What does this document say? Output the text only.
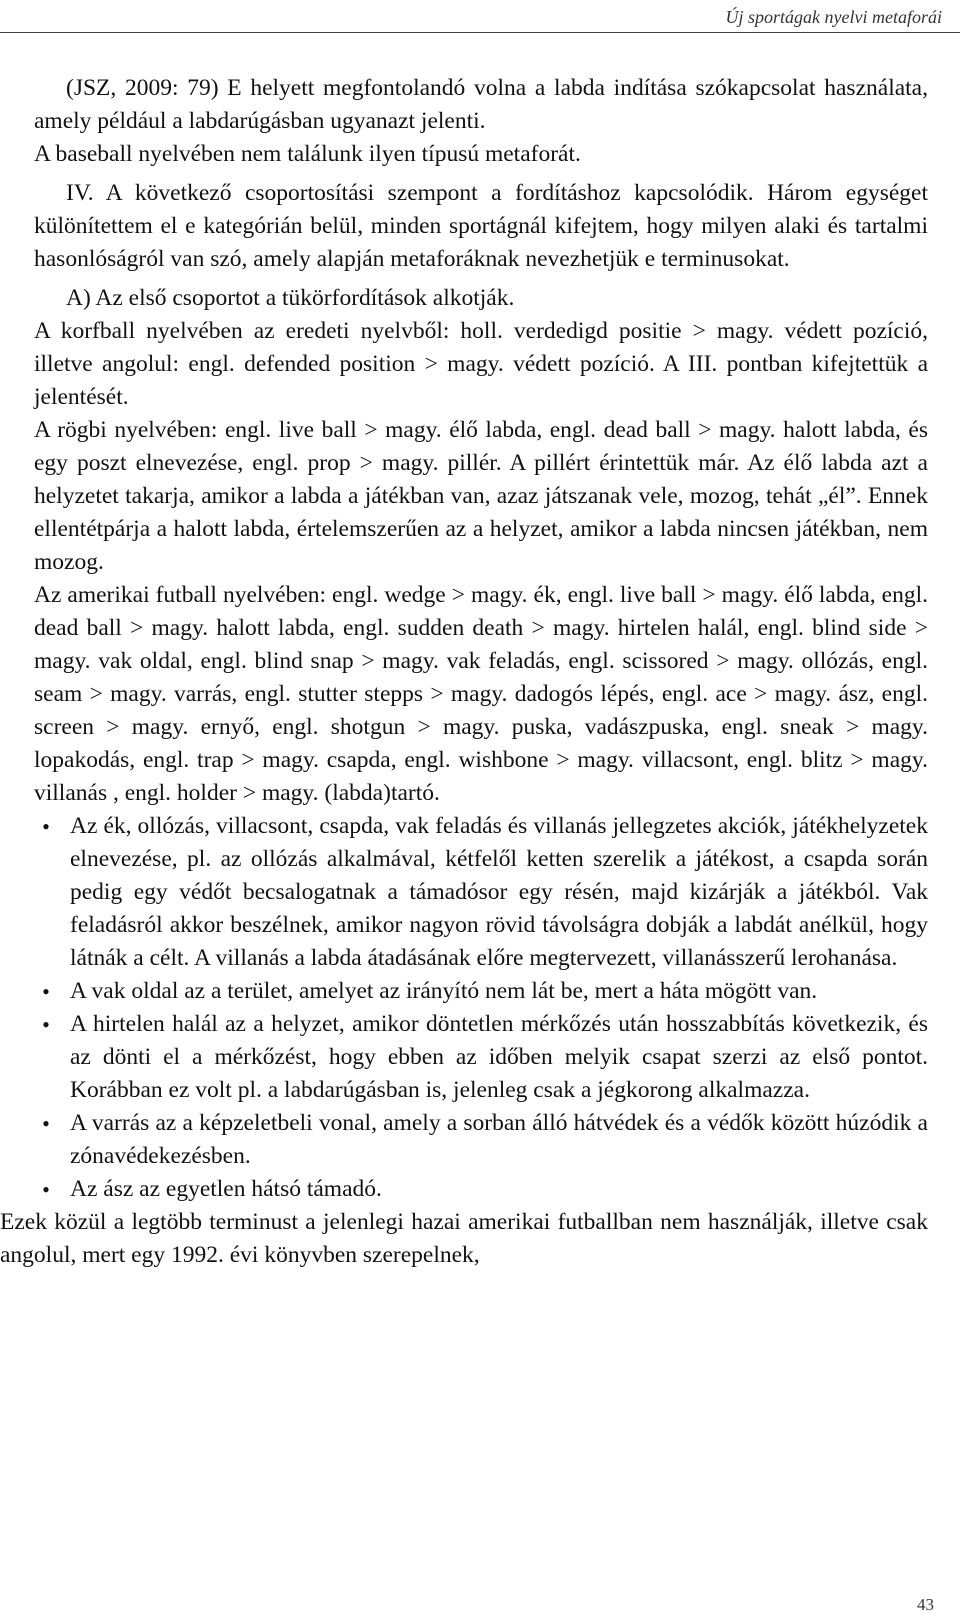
Új sportágak nyelvi metaforái

(JSZ, 2009: 79) E helyett megfontolandó volna a labda indítása szókapcsolat használata, amely például a labdarúgásban ugyanazt jelenti.

A baseball nyelvében nem találunk ilyen típusú metaforát.

IV. A következő csoportosítási szempont a fordításhoz kapcsolódik. Három egységet különítettem el e kategórián belül, minden sportágnál kifejtem, hogy milyen alaki és tartalmi hasonlóságról van szó, amely alapján metaforáknak nevezhetjük e terminusokat.

A) Az első csoportot a tükörfordítások alkotják.

A korfball nyelvében az eredeti nyelvből: holl. verdedigd positie > magy. védett pozíció, illetve angolul: engl. defended position > magy. védett pozíció. A III. pontban kifejtettük a jelentését.

A rögbi nyelvében: engl. live ball > magy. élő labda, engl. dead ball > magy. halott labda, és egy poszt elnevezése, engl. prop > magy. pillér. A pillért érintettük már. Az élő labda azt a helyzetet takarja, amikor a labda a játékban van, azaz játszanak vele, mozog, tehát „él”. Ennek ellentétpárja a halott labda, értelemszerűen az a helyzet, amikor a labda nincsen játékban, nem mozog.

Az amerikai futball nyelvében: engl. wedge > magy. ék, engl. live ball > magy. élő labda, engl. dead ball > magy. halott labda, engl. sudden death > magy. hirtelen halál, engl. blind side > magy. vak oldal, engl. blind snap > magy. vak feladás, engl. scissored > magy. ollózás, engl. seam > magy. varrás, engl. stutter stepps > magy. dadogós lépés, engl. ace > magy. ász, engl. screen > magy. ernyő, engl. shotgun > magy. puska, vadászpuska, engl. sneak > magy. lopakodás, engl. trap > magy. csapda, engl. wishbone > magy. villacsont, engl. blitz > magy. villanás , engl. holder > magy. (labda)tartó.

• Az ék, ollózás, villacsont, csapda, vak feladás és villanás jellegzetes akciók, játékhelyzetek elnevezése, pl. az ollózás alkalmával, kétfelől ketten szerelik a játékost, a csapda során pedig egy védőt becsalogatnak a támadósor egy résén, majd kizárják a játékból. Vak feladásról akkor beszélnek, amikor nagyon rövid távolságra dobják a labdát anélkül, hogy látnák a célt. A villanás a labda átadásának előre megtervezett, villanásszerű lerohanása.
• A vak oldal az a terület, amelyet az irányító nem lát be, mert a háta mögött van.
• A hirtelen halál az a helyzet, amikor döntetlen mérkőzés után hosszabbítás következik, és az dönti el a mérkőzést, hogy ebben az időben melyik csapat szerzi az első pontot. Korábban ez volt pl. a labdarúgásban is, jelenleg csak a jégkorong alkalmazza.
• A varrás az a képzeletbeli vonal, amely a sorban álló hátvédek és a védők között húzódik a zónavédekezésben.
• Az ász az egyetlen hátsó támadó.

Ezek közül a legtöbb terminust a jelenlegi hazai amerikai futballban nem használják, illetve csak angolul, mert egy 1992. évi könyvben szerepelnek,

43
